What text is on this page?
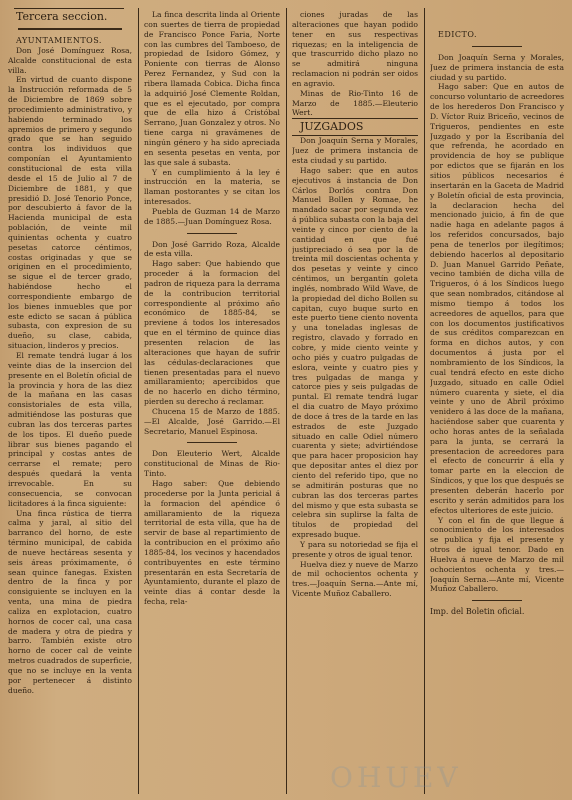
Tercera seccion.

AYUNTAMIENTOS.

Don José Domínguez Rosa, Alcalde constitucional de esta villa.

En virtud de cuanto dispone la Instrucción reformada de 5 de Diciembre de 1869 sobre procedimiento administrativo, y habiendo terminado los apremios de primero y segundo grado que se han seguido contra los individuos que componían el Ayuntamiento constitucional de esta villa desde el 15 de Julio al 7 de Diciembre de 1881, y que presidió D. José Tenorio Ponce, por descubierto á favor de la Hacienda municipal de esta población, de veinte mil quinientas ochenta y cuatro pesetas catorce céntimos, costas originadas y que se originen en el procedimiento, se sigue el de tercer grado, habiéndose hecho el correspondiente embargo de los bienes inmuebles que por este edicto se sacan á pública subasta, con expresion de su dueño, su clase, cabida, situacion, linderos y precios.

El remate tendrá lugar á los veinte dias de la insercion del presente en el Boletín oficial de la provincia y hora de las diez de la mañana en las casas consistoriales de esta villa, admitiéndose las posturas que cubran las dos terceras partes de los tipos. El dueño puede librar sus bienes pagando el principal y costas antes de cerrarse el remate; pero después quedará la venta irrevocable. En su consecuencia, se convocan licitadores á la finca siguiente:

Una finca rústica de tierra calma y jaral, al sitio del barranco del horno, de este término municipal, de cabida de nueve hectáreas sesenta y seis áreas próximamente, ó sean quince fanegas. Existen dentro de la finca y por consiguiente se incluyen en la venta, una mina de piedra caliza en explotacion, cuatro hornos de cocer cal, una casa de madera y otra de piedra y barro. También existe otro horno de cocer cal de veinte metros cuadrados de superficie, que no se incluye en la venta por pertenecer á distinto dueño.

La finca descrita linda al Oriente con suertes de tierra de propiedad de Francisco Ponce Faria, Norte con las cumbres del Tamboeso, de propiedad de Isidoro Gómez, y Poniente con tierras de Alonso Perez Fernandez, y Sud con la ribera llamada Cobica. Dicha finca la adquirió José Clemente Roldan, que es el ejecutado, por compra que de ella hizo á Cristóbal Serrano, Juan Gonzalez y otros. No tiene carga ni gravámenes de ningún género y ha sido apreciada en sesenta pesetas en venta, por las que sale á subasta.

Y en cumplimiento á la ley é instrucción en la materia, se llaman postorantes y se citan los interesados.

Puebla de Guzman 14 de Marzo de 1885.—Juan Domínguez Rosa.

Don José Garrido Roza, Alcalde de esta villa.

Hago saber: Que habiendo que proceder á la formacion del padron de riqueza para la derrama de la contribucion territorial correspondiente al próximo año económico de 1885-84, se previene á todos los interesados que en el término de quince dias presenten relacion de las alteraciones que hayan de sufrir las cédulas-declaraciones que tienen presentadas para el nuevo amillaramiento; apercibidos que de no hacerlo en dicho término, pierden su derecho á reclamar.

Chucena 15 de Marzo de 1885.—El Alcalde, José Garrido.—El Secretario, Manuel Espinosa.

Don Eleuterio Wert, Alcalde constitucional de Minas de Rio-Tinto.

Hago saber: Que debiendo procederse por la Junta pericial á la formacion del apéndice ó amillaramiento de la riqueza territorial de esta villa, que ha de servir de base al repartimiento de la contribucion en el próximo año 1885-84, los vecinos y hacendados contribuyentes en este término presentarán en esta Secretaría de Ayuntamiento, durante el plazo de veinte dias á contar desde la fecha, rela-

ciones juradas de las alteraciones que hayan podido tener en sus respectivas riquezas; en la inteligencia de que trascurrido dicho plazo no se admitirá ninguna reclamacion ni podrán ser oidos en agravio.

Minas de Rio-Tinto 16 de Marzo de 1885.—Eleuterio Wert.

JUZGADOS

Don Joaquín Serna y Morales, Juez de primera instancia de esta ciudad y su partido.

Hago saber: que en autos ejecutivos á instancia de Don Cárlos Dorlós contra Don Manuel Bollen y Romae, he mandado sacar por segunda vez á pública subasta con la baja del veinte y cinco por ciento de la cantidad en que fué justipreciado ó sea por la de treinta mil doscientas ochenta y dos pesetas y veinte y cinco céntimos, un bergantín goleta inglés, nombrado Wild Wave, de la propiedad del dicho Bollen su capitan, cuyo buque surto en este puerto tiene ciento noventa y una toneladas inglesas de registro, clavado y forrado en cobre, y mide ciento veinte y ocho piés y cuatro pulgadas de eslora, veinte y cuatro pies y tres pulgadas de manga y catorce pies y seis pulgadas de puntal. El remate tendrá lugar el dia cuatro de Mayo próximo de doce á tres de la tarde en las estrados de este Juzgado situado en calle Odiel número cuarenta y siete; advirtiéndose que para hacer proposicion hay que depositar antes el diez por ciento del referido tipo, que no se admitirán posturas que no cubran las dos terceras partes del mismo y que esta subasta se celebra sin suplirse la falta de títulos de propiedad del expresado buque.

Y para su notoriedad se fija el presente y otros de igual tenor.

Huelva diez y nueve de Marzo de mil ochocientos ochenta y tres.—Joaquín Serna.—Ante mí, Vicente Muñoz Caballero.

EDICTO.

Don Joaquín Serna y Morales, Juez de primera instancia de esta ciudad y su partido.

Hago saber: Que en autos de concurso voluntario de acreedores de los herederos Don Francisco y D. Víctor Ruiz Briceño, vecinos de Trigueros, pendientes en este Juzgado y por la Escribanía del que refrenda, he acordado en providencia de hoy se publique por edictos que se fijarán en los sitios públicos necesarios é insertarán en la Gaceta de Madrid y Boletín oficial de esta provincia, la declaracion hecha del mencionado juicio, á fin de que nadie haga en adelante pagos á los referidos concursados, bajo pena de tenerlos por ilegítimos; debiendo hacerlos al depositario D. Juan Manuel Garrido Peñate, vecino también de dicha villa de Trigueros, ó á los Síndicos luego que sean nombrados, citándose al mismo tiempo á todos los acreedores de aquellos, para que con los documentos justificativos de sus créditos comparezcan en forma en dichos autos, y con documentos á justa por el nombramiento de los Síndicos, la cual tendrá efecto en este dicho Juzgado, situado en calle Odiel número cuarenta y siete, el dia veinte y uno de Abril próximo venidero á las doce de la mañana, haciéndose saber que cuarenta y ocho horas antes de la señalada para la junta, se cerrará la presentacion de acreedores para el efecto de concurrir á ella y tomar parte en la eleccion de Síndicos, y que los que después se presenten deberán hacerlo por escrito y serán admitidos para los efectos ulteriores de este juicio.

Y con el fin de que llegue á conocimiento de los interesados se publica y fija el presente y otros de igual tenor. Dado en Huelva á nueve de Marzo de mil ochocientos ochenta y tres.—Joaquín Serna.—Ante mí, Vicente Muñoz Caballero.

Imp. del Boletin oficial.

OHUEV
